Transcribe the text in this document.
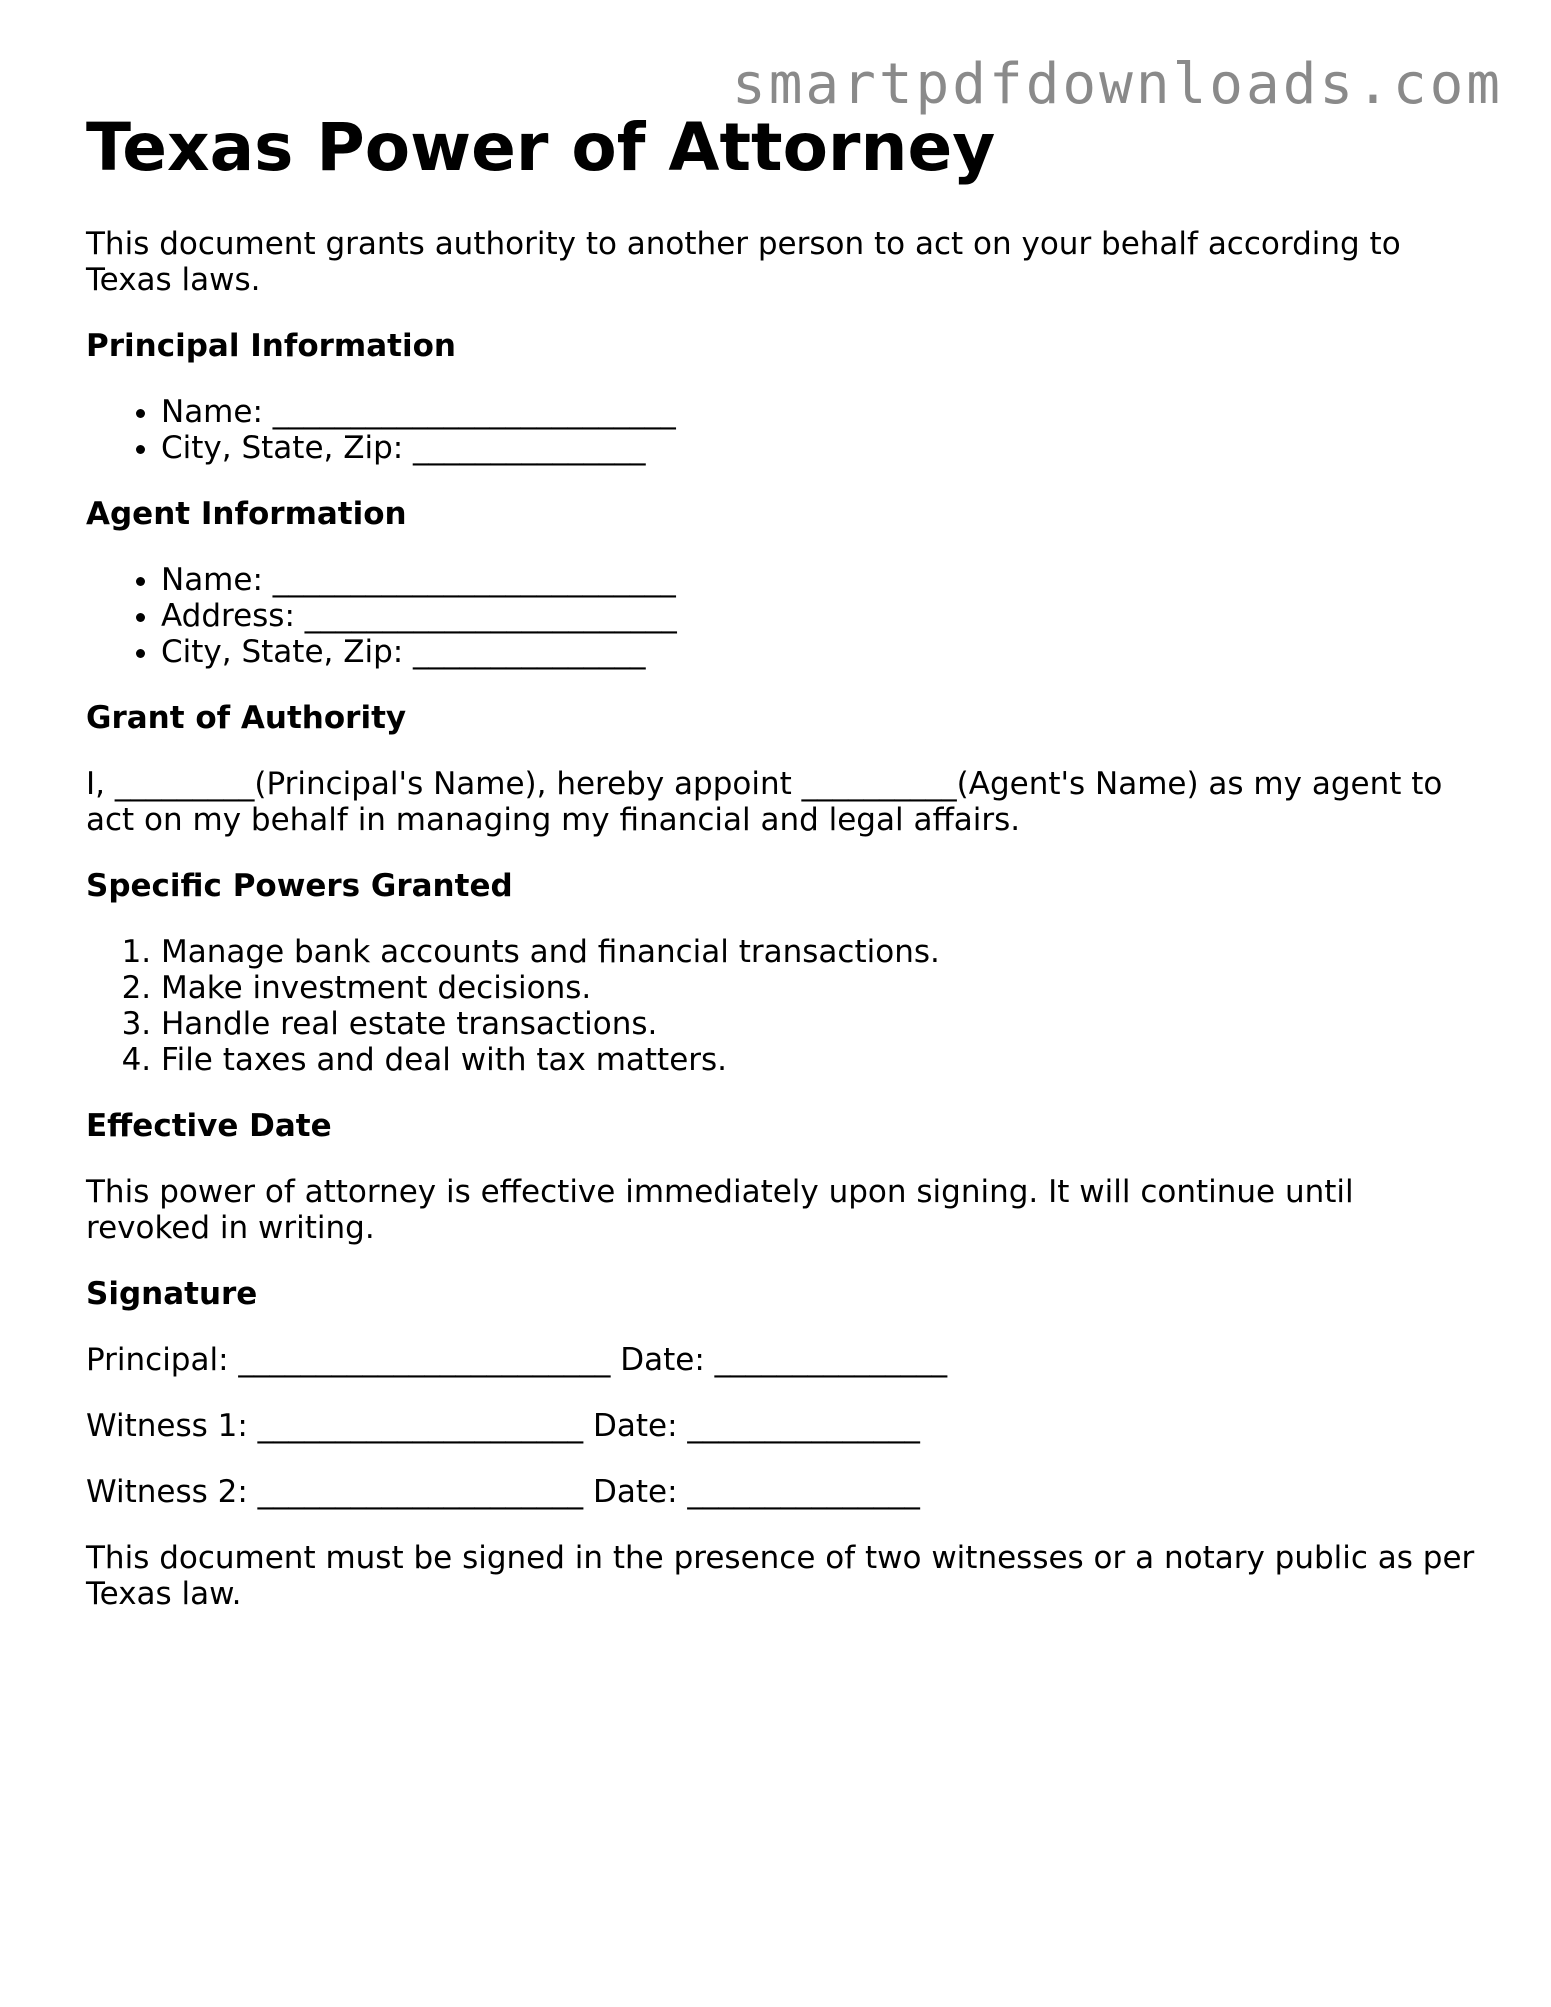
smartpdfdownloads.com
Texas Power of Attorney

This document grants authority to another person to act on your behalf according to Texas laws.

Principal Information
• Name: __________________________
• City, State, Zip: _______________
Agent Information
• Name: __________________________
• Address: ________________________
• City, State, Zip: _______________
Grant of Authority

I, _________(Principal's Name), hereby appoint __________(Agent's Name) as my agent to act on my behalf in managing my financial and legal affairs.

Specific Powers Granted
1. Manage bank accounts and financial transactions.
2. Make investment decisions.
3. Handle real estate transactions.
4. File taxes and deal with tax matters.
Effective Date

This power of attorney is effective immediately upon signing. It will continue until revoked in writing.

Signature
Principal: ________________________ Date: _______________
Witness 1: _____________________ Date: _______________
Witness 2: _____________________ Date: _______________

This document must be signed in the presence of two witnesses or a notary public as per Texas law.
